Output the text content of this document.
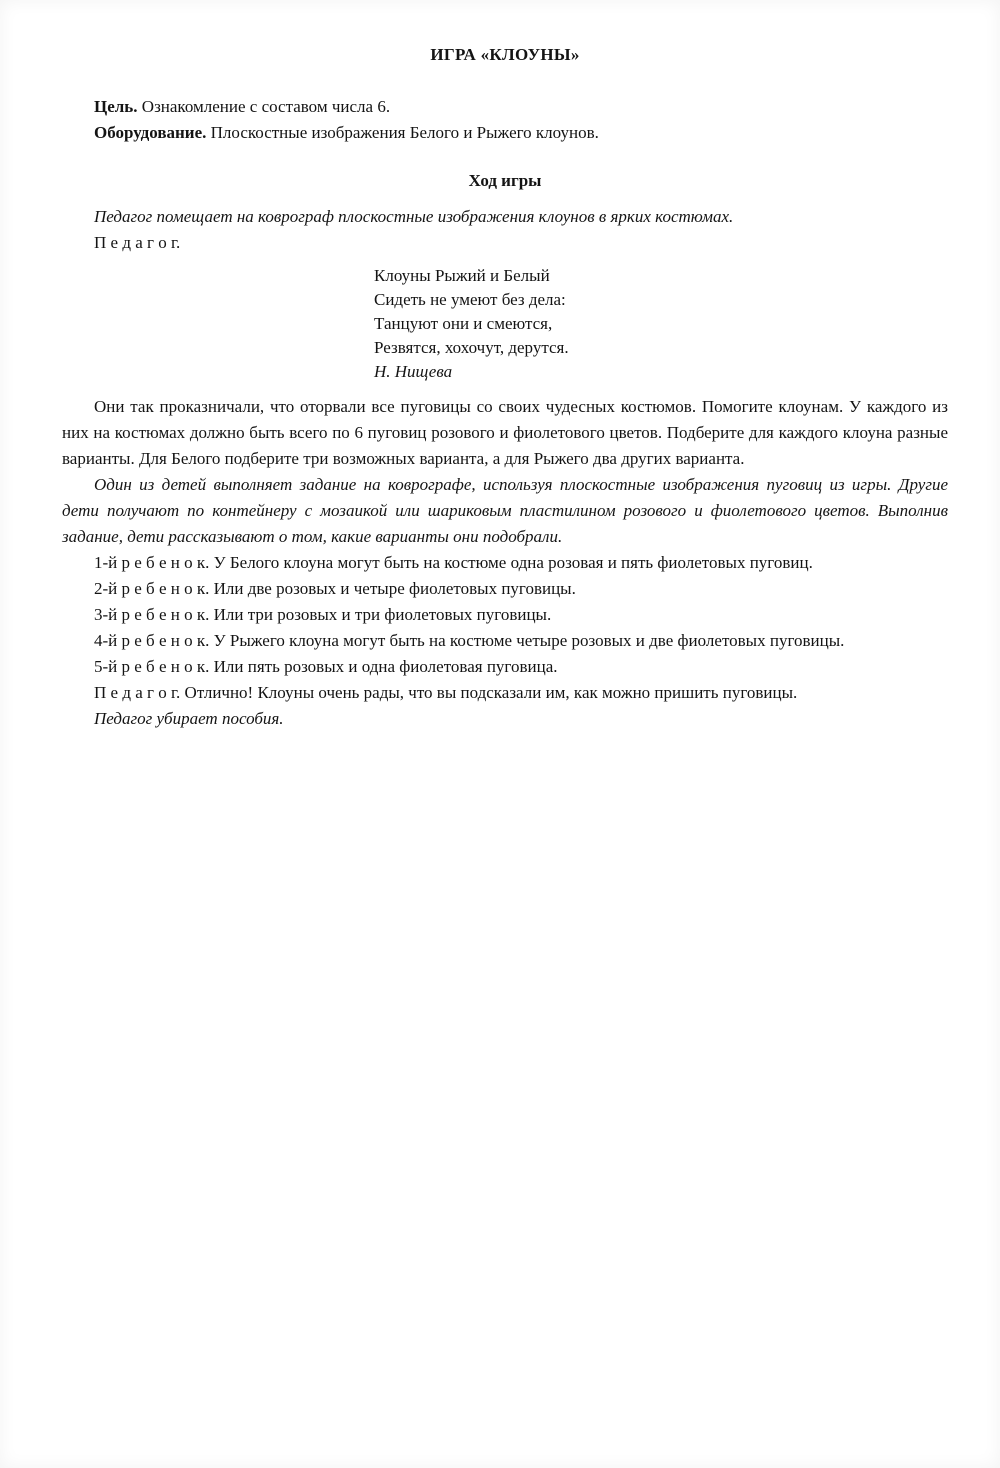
ИГРА «КЛОУНЫ»

Цель. Ознакомление с составом числа 6.

Оборудование. Плоскостные изображения Белого и Рыжего клоунов.

Ход игры

Педагог помещает на коврограф плоскостные изображения клоунов в ярких костюмах.

П е д а г о г.

Клоуны Рыжий и Белый

Сидеть не умеют без дела:

Танцуют они и смеются,

Резвятся, хохочут, дерутся.

Н. Нищева

Они так проказничали, что оторвали все пуговицы со своих чудесных костюмов. Помогите клоунам. У каждого из них на костюмах должно быть всего по 6 пуговиц розового и фиолетового цветов. Подберите для каждого клоуна разные варианты. Для Белого подберите три возможных варианта, а для Рыжего два других варианта.

Один из детей выполняет задание на коврографе, используя плоскостные изображения пуговиц из игры. Другие дети получают по контейнеру с мозаикой или шариковым пластилином розового и фиолетового цветов. Выполнив задание, дети рассказывают о том, какие варианты они подобрали.

1-й р е б е н о к. У Белого клоуна могут быть на костюме одна розовая и пять фиолетовых пуговиц.

2-й р е б е н о к. Или две розовых и четыре фиолетовых пуговицы.

3-й р е б е н о к. Или три розовых и три фиолетовых пуговицы.

4-й р е б е н о к. У Рыжего клоуна могут быть на костюме четыре розовых и две фиолетовых пуговицы.

5-й р е б е н о к. Или пять розовых и одна фиолетовая пуговица.

П е д а г о г. Отлично! Клоуны очень рады, что вы подсказали им, как можно пришить пуговицы.

Педагог убирает пособия.
